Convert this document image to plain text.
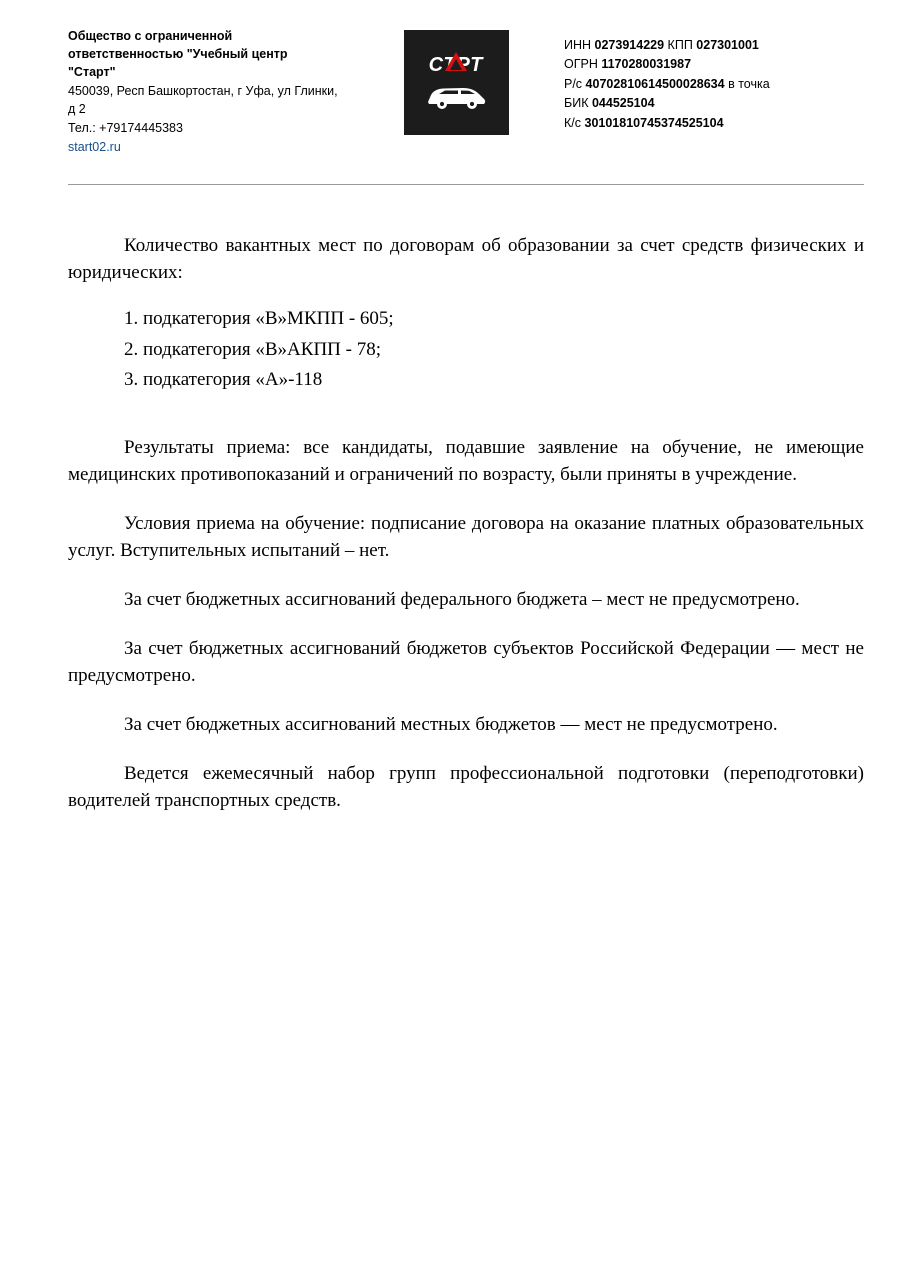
Общество с ограниченной ответственностью "Учебный центр "Старт"
450039, Респ Башкортостан, г Уфа, ул Глинки, д 2
Тел.: +79174445383
start02.ru
СТРТ
ИНН 0273914229 КПП 027301001
ОГРН 1170280031987
Р/с 40702810614500028634 в точка
БИК 044525104
К/с 30101810745374525104

Количество вакантных мест по договорам об образовании за счет средств физических и юридических:

1. подкатегория «В»МКПП - 605;
2. подкатегория «В»АКПП - 78;
3. подкатегория «А»-118

Результаты приема: все кандидаты, подавшие заявление на обучение, не имеющие медицинских противопоказаний и ограничений по возрасту, были приняты в учреждение.

Условия приема на обучение: подписание договора на оказание платных образовательных услуг. Вступительных испытаний – нет.

За счет бюджетных ассигнований федерального бюджета – мест не предусмотрено.

За счет бюджетных ассигнований бюджетов субъектов Российской Федерации — мест не предусмотрено.

За счет бюджетных ассигнований местных бюджетов — мест не предусмотрено.

Ведется ежемесячный набор групп профессиональной подготовки (переподготовки) водителей транспортных средств.
